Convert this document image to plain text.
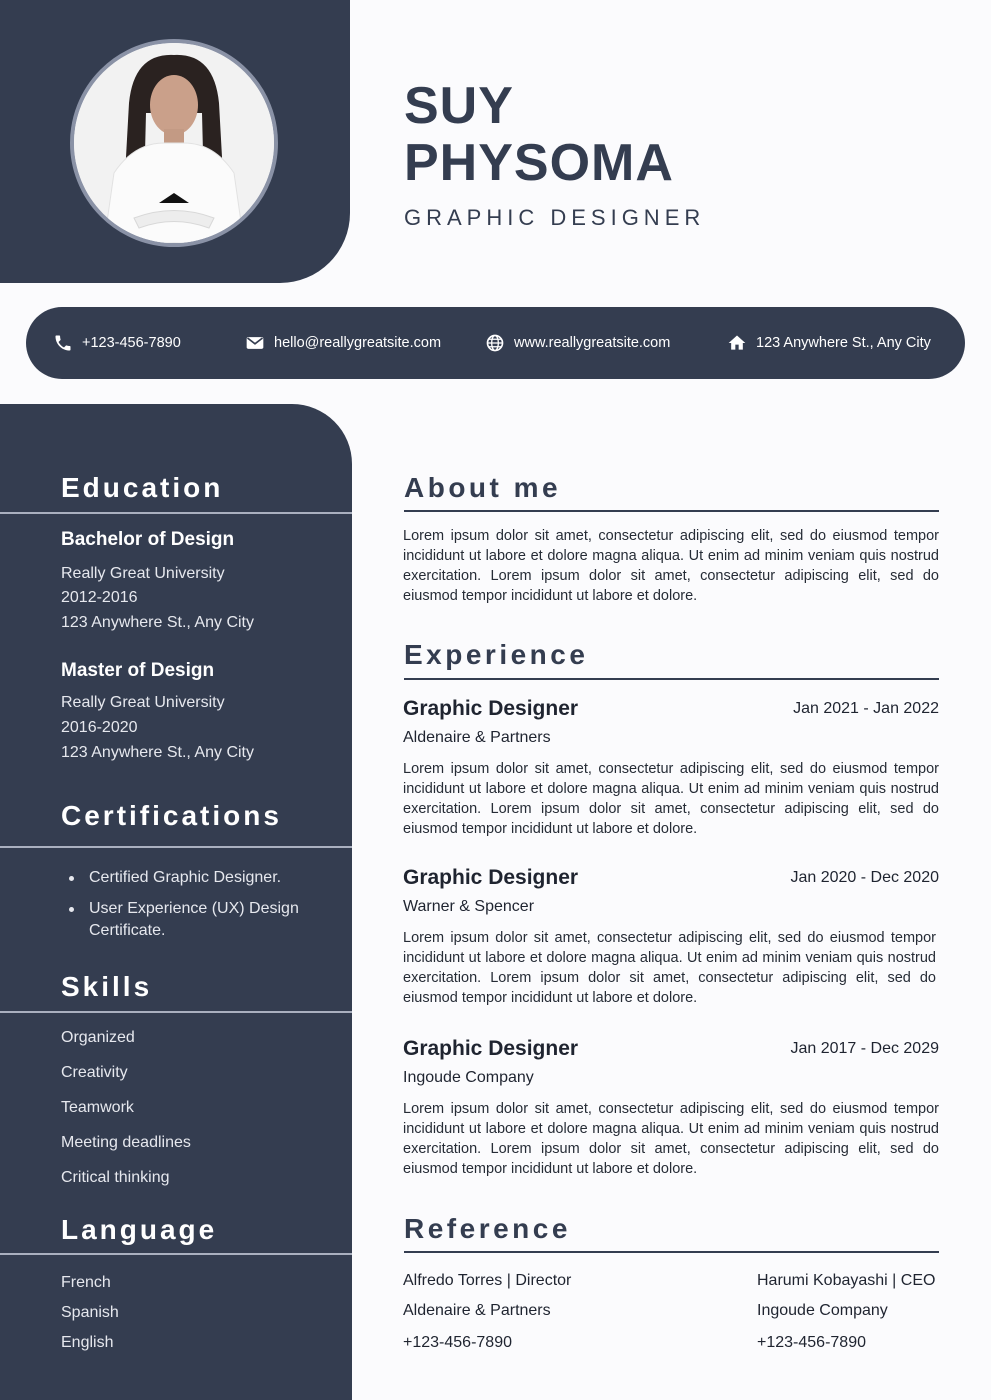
SUY
PHYSOMA
GRAPHIC DESIGNER
+123-456-7890	hello@reallygreatsite.com	www.reallygreatsite.com	123 Anywhere St., Any City
Education
Bachelor of Design
Really Great University
2012-2016
123 Anywhere St., Any City
Master of Design
Really Great University
2016-2020
123 Anywhere St., Any City
Certifications
Certified Graphic Designer.
User Experience (UX) Design Certificate.
Skills
Organized
Creativity
Teamwork
Meeting deadlines
Critical thinking
Language
French
Spanish
English
About me
Lorem ipsum dolor sit amet, consectetur adipiscing elit, sed do eiusmod tempor incididunt ut labore et dolore magna aliqua. Ut enim ad minim veniam quis nostrud exercitation. Lorem ipsum dolor sit amet, consectetur adipiscing elit, sed do eiusmod tempor incididunt ut labore et dolore.
Experience
Graphic Designer	Jan 2021 - Jan 2022
Aldenaire & Partners
Lorem ipsum dolor sit amet, consectetur adipiscing elit, sed do eiusmod tempor incididunt ut labore et dolore magna aliqua. Ut enim ad minim veniam quis nostrud exercitation. Lorem ipsum dolor sit amet, consectetur adipiscing elit, sed do eiusmod tempor incididunt ut labore et dolore.
Graphic Designer	Jan 2020 - Dec 2020
Warner & Spencer
Lorem ipsum dolor sit amet, consectetur adipiscing elit, sed do eiusmod tempor incididunt ut labore et dolore magna aliqua. Ut enim ad minim veniam quis nostrud exercitation. Lorem ipsum dolor sit amet, consectetur adipiscing elit, sed do eiusmod tempor incididunt ut labore et dolore.
Graphic Designer	Jan 2017 - Dec 2029
Ingoude Company
Lorem ipsum dolor sit amet, consectetur adipiscing elit, sed do eiusmod tempor incididunt ut labore et dolore magna aliqua. Ut enim ad minim veniam quis nostrud exercitation. Lorem ipsum dolor sit amet, consectetur adipiscing elit, sed do eiusmod tempor incididunt ut labore et dolore.
Reference
Alfredo Torres | Director
Aldenaire & Partners
+123-456-7890
Harumi Kobayashi | CEO
Ingoude Company
+123-456-7890
